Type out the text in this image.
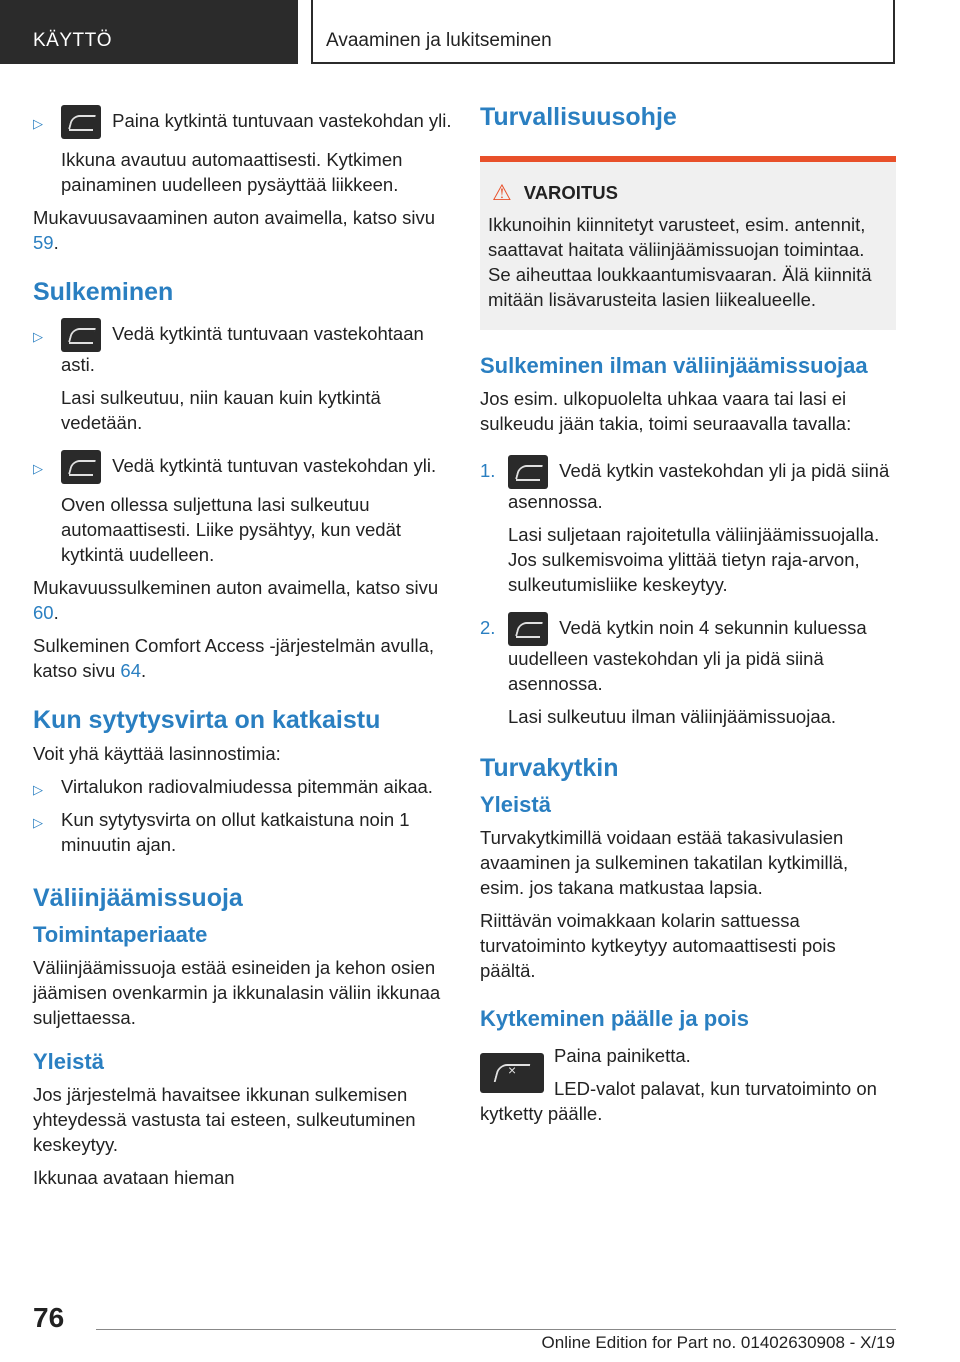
KÄYTTÖ	Avaaminen ja lukitseminen
▷	Paina kytkintä tuntuvaan vastekohdan yli.

Ikkuna avautuu automaattisesti. Kytkimen painaminen uudelleen pysäyttää liikkeen.

Mukavuusavaaminen auton avaimella, katso sivu 59.

Sulkeminen
▷	Vedä kytkintä tuntuvaan vastekohtaan asti.

Lasi sulkeutuu, niin kauan kuin kytkintä vedetään.

▷	Vedä kytkintä tuntuvan vastekohdan yli.

Oven ollessa suljettuna lasi sulkeutuu automaattisesti. Liike pysähtyy, kun vedät kytkintä uudelleen.

Mukavuussulkeminen auton avaimella, katso sivu 60.

Sulkeminen Comfort Access -järjestelmän avulla, katso sivu 64.

Kun sytytysvirta on katkaistu

Voit yhä käyttää lasinnostimia:

▷ Virtalukon radiovalmiudessa pitemmän aikaa.
▷ Kun sytytysvirta on ollut katkaistuna noin 1 minuutin ajan.
Väliinjäämissuoja
Toimintaperiaate

Väliinjäämissuoja estää esineiden ja kehon osien jäämisen ovenkarmin ja ikkunalasin väliin ikkunaa suljettaessa.

Yleistä

Jos järjestelmä havaitsee ikkunan sulkemisen yhteydessä vastusta tai esteen, sulkeutuminen keskeytyy.

Ikkunaa avataan hieman

Turvallisuusohje
⚠ VAROITUS

Ikkunoihin kiinnitetyt varusteet, esim. antennit, saattavat haitata väliinjäämissuojan toimintaa. Se aiheuttaa loukkaantumisvaaran. Älä kiinnitä mitään lisävarusteita lasien liikealueelle.

Sulkeminen ilman väliinjäämissuojaa

Jos esim. ulkopuolelta uhkaa vaara tai lasi ei sulkeudu jään takia, toimi seuraavalla tavalla:

1.	Vedä kytkin vastekohdan yli ja pidä siinä asennossa.

Lasi suljetaan rajoitetulla väliinjäämissuojalla. Jos sulkemisvoima ylittää tietyn raja-arvon, sulkeutumisliike keskeytyy.

2.	Vedä kytkin noin 4 sekunnin kuluessa uudelleen vastekohdan yli ja pidä siinä asennossa.

Lasi sulkeutuu ilman väliinjäämissuojaa.

Turvakytkin
Yleistä

Turvakytkimillä voidaan estää takasivulasien avaaminen ja sulkeminen takatilan kytkimillä, esim. jos takana matkustaa lapsia.

Riittävän voimakkaan kolarin sattuessa turvatoiminto kytkeytyy automaattisesti pois päältä.

Kytkeminen päälle ja pois
×

Paina painiketta.

LED-valot palavat, kun turvatoiminto on kytketty päälle.

76
Online Edition for Part no. 01402630908 - X/19
